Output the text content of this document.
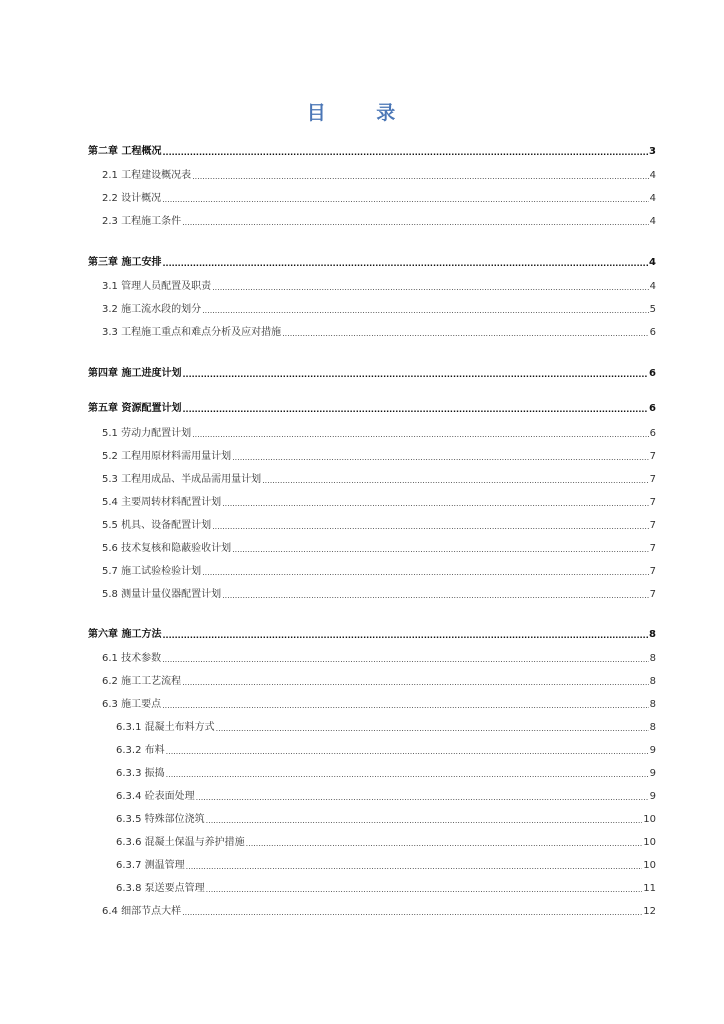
目 录
第二章 工程概况 .....	3
2.1 工程建设概况表 .....	4
2.2 设计概况 .....	4
2.3 工程施工条件 .....	4
第三章 施工安排 .....	4
3.1 管理人员配置及职责 .....	4
3.2 施工流水段的划分 .....	5
3.3 工程施工重点和难点分析及应对措施 .....	6
第四章 施工进度计划 .....	6
第五章 资源配置计划 .....	6
5.1 劳动力配置计划 .....	6
5.2 工程用原材料需用量计划 .....	7
5.3 工程用成品、半成品需用量计划 .....	7
5.4 主要周转材料配置计划 .....	7
5.5 机具、设备配置计划 .....	7
5.6 技术复核和隐蔽验收计划 .....	7
5.7 施工试验检验计划 .....	7
5.8 测量计量仪器配置计划 .....	7
第六章 施工方法 .....	8
6.1 技术参数 .....	8
6.2 施工工艺流程 .....	8
6.3 施工要点 .....	8
6.3.1 混凝土布料方式 .....	8
6.3.2 布料 .....	9
6.3.3 振捣 .....	9
6.3.4 砼表面处理 .....	9
6.3.5 特殊部位浇筑 .....	10
6.3.6 混凝土保温与养护措施 .....	10
6.3.7 测温管理 .....	10
6.3.8 泵送要点管理 .....	11
6.4 细部节点大样 .....	12
